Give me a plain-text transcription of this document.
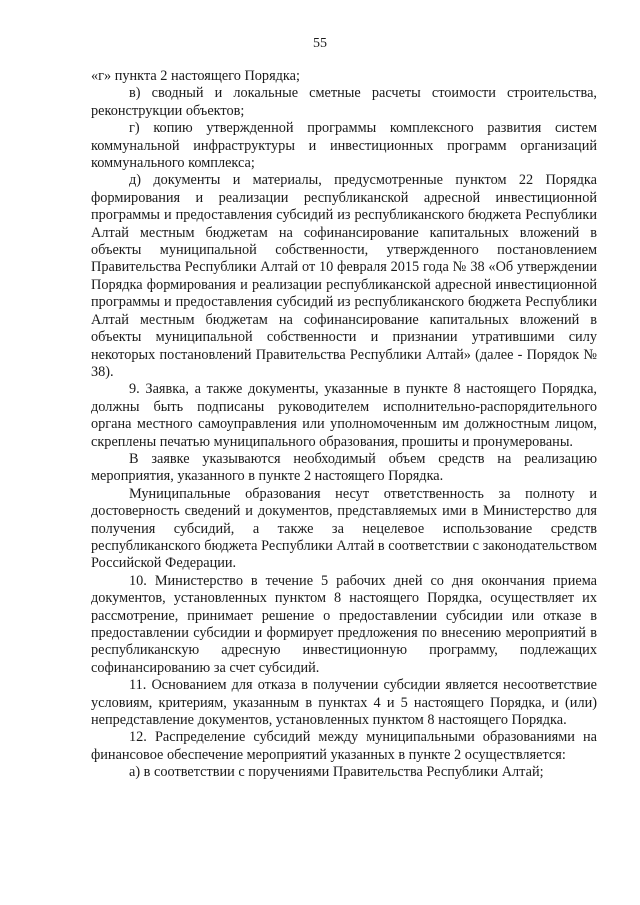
55

«г» пункта 2 настоящего Порядка;

в) сводный и локальные сметные расчеты стоимости строительства, реконструкции объектов;

г) копию утвержденной программы комплексного развития систем коммунальной инфраструктуры и инвестиционных программ организаций коммунального комплекса;

д) документы и материалы, предусмотренные пунктом 22 Порядка формирования и реализации республиканской адресной инвестиционной программы и предоставления субсидий из республиканского бюджета Республики Алтай местным бюджетам на софинансирование капитальных вложений в объекты муниципальной собственности, утвержденного постановлением Правительства Республики Алтай от 10 февраля 2015 года № 38 «Об утверждении Порядка формирования и реализации республиканской адресной инвестиционной программы и предоставления субсидий из республиканского бюджета Республики Алтай местным бюджетам на софинансирование капитальных вложений в объекты муниципальной собственности и признании утратившими силу некоторых постановлений Правительства Республики Алтай» (далее - Порядок № 38).

9. Заявка, а также документы, указанные в пункте 8 настоящего Порядка, должны быть подписаны руководителем исполнительно-распорядительного органа местного самоуправления или уполномоченным им должностным лицом, скреплены печатью муниципального образования, прошиты и пронумерованы.

В заявке указываются необходимый объем средств на реализацию мероприятия, указанного в пункте 2 настоящего Порядка.

Муниципальные образования несут ответственность за полноту и достоверность сведений и документов, представляемых ими в Министерство для получения субсидий, а также за нецелевое использование средств республиканского бюджета Республики Алтай в соответствии с законодательством Российской Федерации.

10. Министерство в течение 5 рабочих дней со дня окончания приема документов, установленных пунктом 8 настоящего Порядка, осуществляет их рассмотрение, принимает решение о предоставлении субсидии или отказе в предоставлении субсидии и формирует предложения по внесению мероприятий в республиканскую адресную инвестиционную программу, подлежащих софинансированию за счет субсидий.

11. Основанием для отказа в получении субсидии является несоответствие условиям, критериям, указанным в пунктах 4 и 5 настоящего Порядка, и (или) непредставление документов, установленных пунктом 8 настоящего Порядка.

12. Распределение субсидий между муниципальными образованиями на финансовое обеспечение мероприятий указанных в пункте 2 осуществляется:

а) в соответствии с поручениями Правительства Республики Алтай;
